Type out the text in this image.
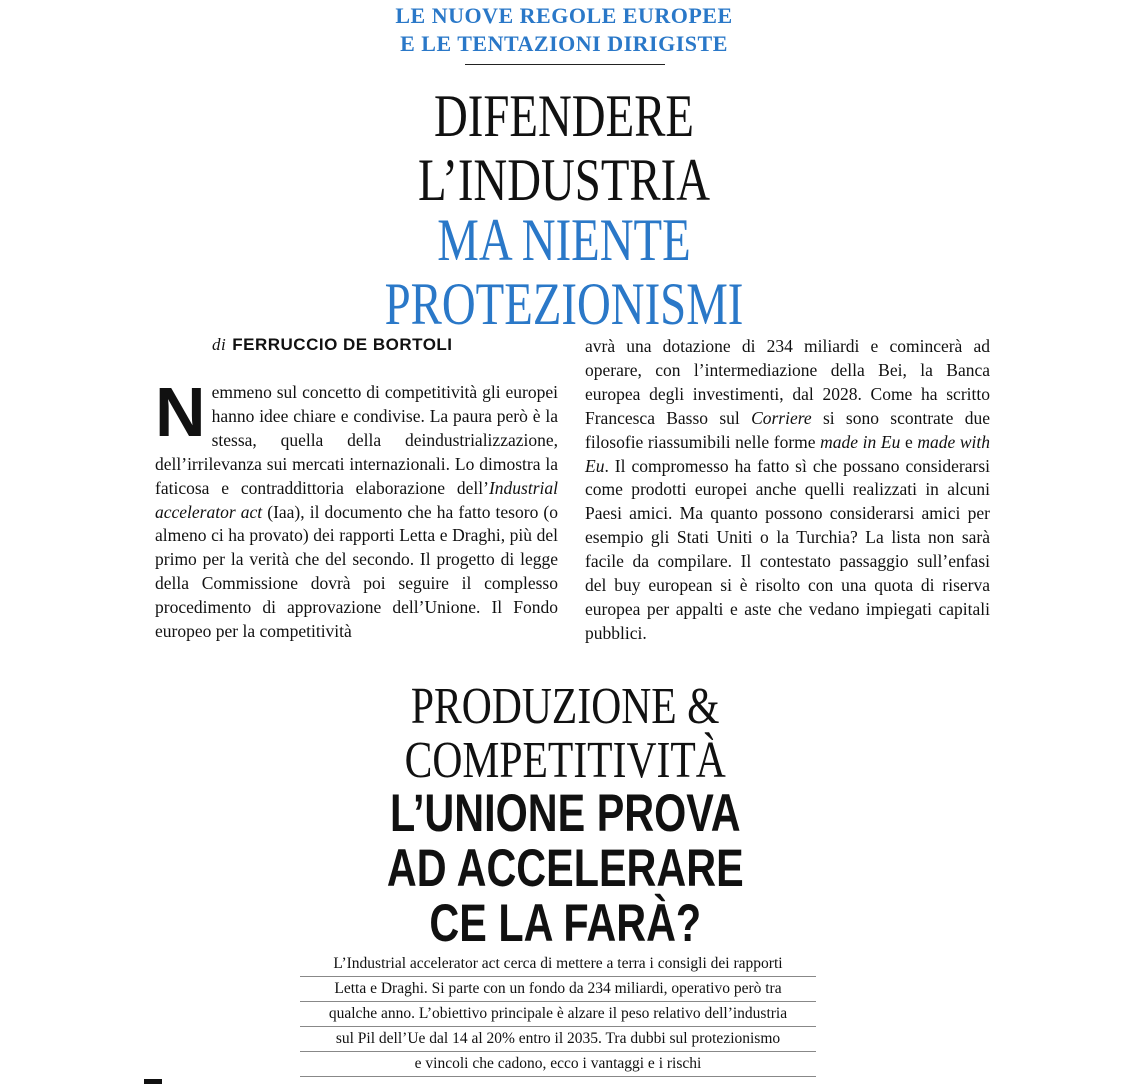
LE NUOVE REGOLE EUROPEE
E LE TENTAZIONI DIRIGISTE
DIFENDERE
L’INDUSTRIA
MA NIENTE
PROTEZIONISMI
di FERRUCCIO DE BORTOLI
N emmeno sul concetto di competitività gli europei hanno idee chiare e condivise. La paura però è la stessa, quella della deindustrializzazione, dell’irrilevanza sui mercati internazionali. Lo dimostra la faticosa e contraddittoria elaborazione dell’Industrial accelerator act (Iaa), il documento che ha fatto tesoro (o almeno ci ha provato) dei rapporti Letta e Draghi, più del primo per la verità che del secondo. Il progetto di legge della Commissione dovrà poi seguire il complesso procedimento di approvazione dell’Unione. Il Fondo europeo per la competitività

avrà una dotazione di 234 miliardi e comincerà ad operare, con l’intermediazione della Bei, la Banca europea degli investimenti, dal 2028. Come ha scritto Francesca Basso sul Corriere si sono scontrate due filosofie riassumibili nelle forme made in Eu e made with Eu. Il compromesso ha fatto sì che possano considerarsi come prodotti europei anche quelli realizzati in alcuni Paesi amici. Ma quanto possono considerarsi amici per esempio gli Stati Uniti o la Turchia? La lista non sarà facile da compilare. Il contestato passaggio sull’enfasi del buy european si è risolto con una quota di riserva europea per appalti e aste che vedano impiegati capitali pubblici.

PRODUZIONE &
COMPETITIVITÀ
L’UNIONE PROVA
AD ACCELERARE
CE LA FARÀ?
L’Industrial accelerator act cerca di mettere a terra i consigli dei rapporti
Letta e Draghi. Si parte con un fondo da 234 miliardi, operativo però tra
qualche anno. L’obiettivo principale è alzare il peso relativo dell’industria
sul Pil dell’Ue dal 14 al 20% entro il 2035. Tra dubbi sul protezionismo
e vincoli che cadono, ecco i vantaggi e i rischi
